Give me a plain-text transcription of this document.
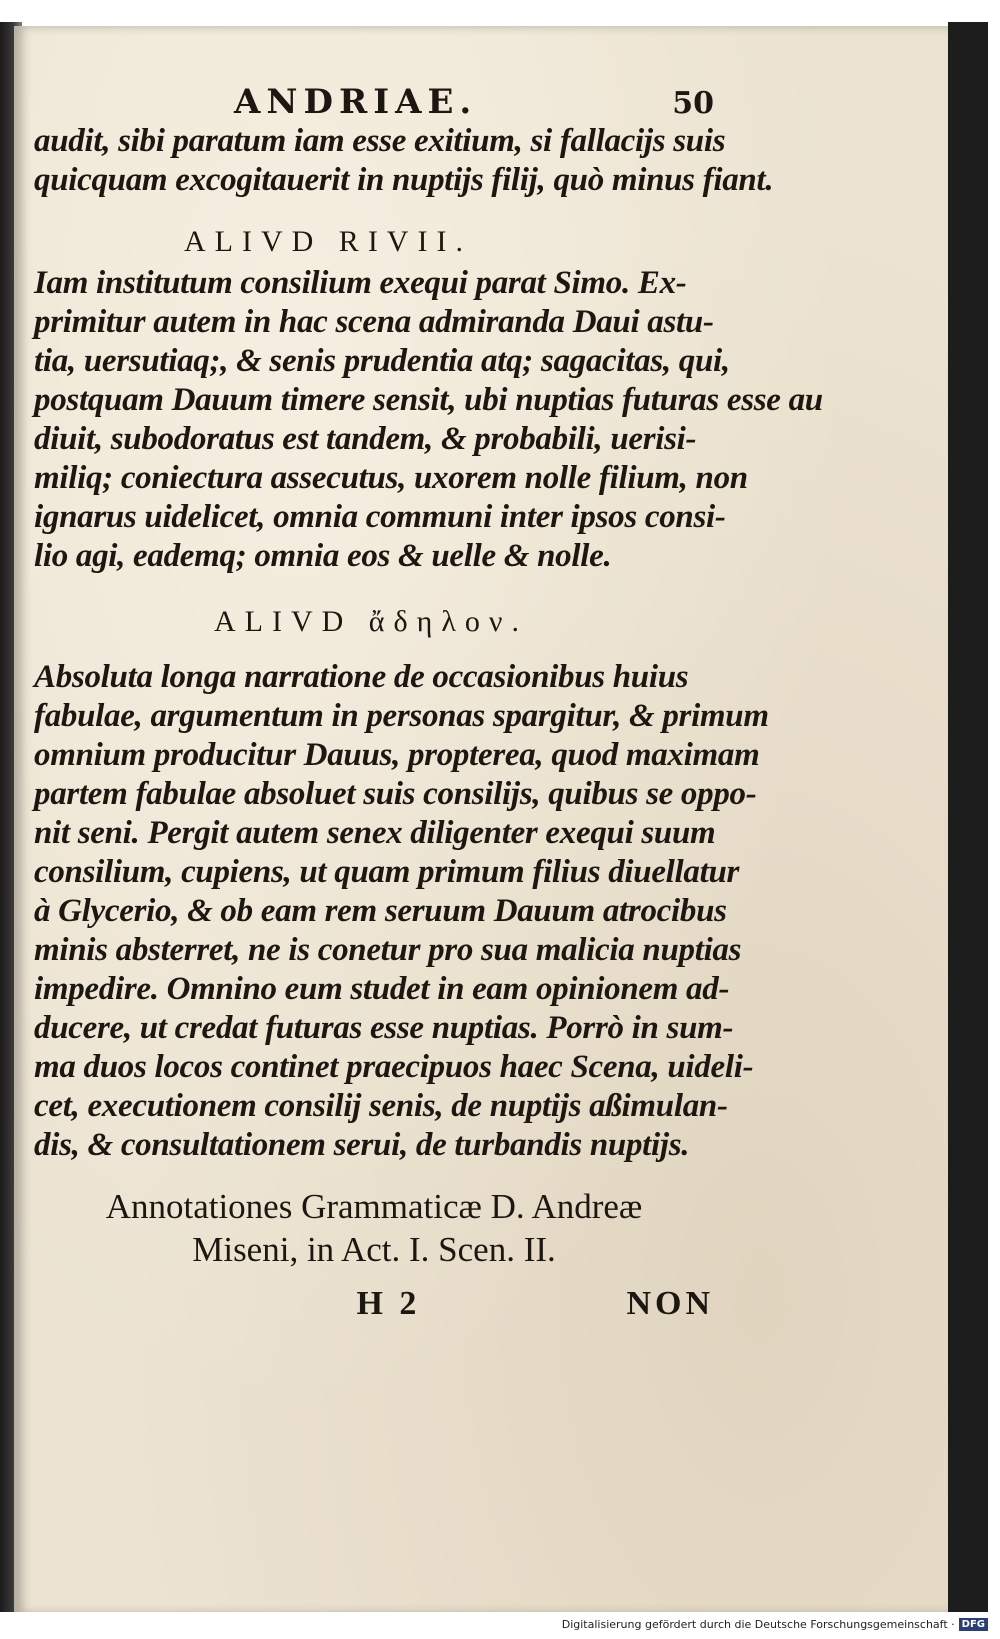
ANDRIAE.	50
audit, sibi paratum iam esse exitium, si fallacijs suis
quicquam excogitauerit in nuptijs filij, quò minus fiant.
ALIVD RIVII.
Iam institutum consilium exequi parat Simo. Ex-
primitur autem in hac scena admiranda Daui astu-
tia, uersutiaq;, & senis prudentia atq; sagacitas, qui,
postquam Dauum timere sensit, ubi nuptias futuras esse au
diuit, subodoratus est tandem, & probabili, uerisi-
miliq; coniectura assecutus, uxorem nolle filium, non
ignarus uidelicet, omnia communi inter ipsos consi-
lio agi, eademq; omnia eos & uelle & nolle.
ALIVD ἄδηλον.
Absoluta longa narratione de occasionibus huius
fabulae, argumentum in personas spargitur, & primum
omnium producitur Dauus, propterea, quod maximam
partem fabulae absoluet suis consilijs, quibus se oppo-
nit seni. Pergit autem senex diligenter exequi suum
consilium, cupiens, ut quam primum filius diuellatur
à Glycerio, & ob eam rem seruum Dauum atrocibus
minis absterret, ne is conetur pro sua malicia nuptias
impedire. Omnino eum studet in eam opinionem ad-
ducere, ut credat futuras esse nuptias. Porrò in sum-
ma duos locos continet praecipuos haec Scena, uideli-
cet, executionem consilij senis, de nuptijs aßimulan-
dis, & consultationem serui, de turbandis nuptijs.
Annotationes Grammaticæ D. Andreæ
Miseni, in Act. I. Scen. II.
H 2	NON
Digitalisierung gefördert durch die Deutsche Forschungsgemeinschaft · DFG
